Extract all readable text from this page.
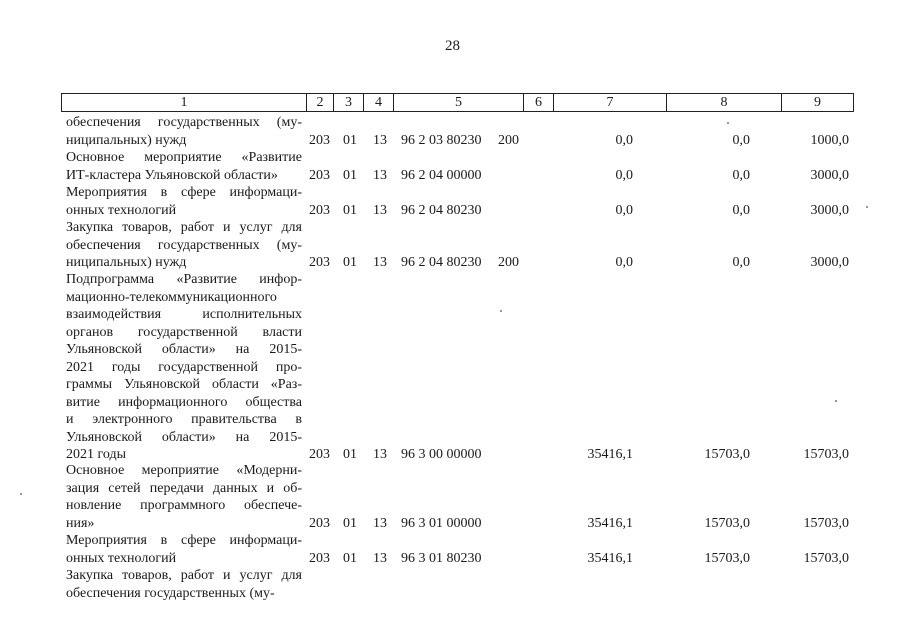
28
1	2	3	4	5	6	7	8	9
обеспечения государственных (му-
ниципальных) нужд	203 01 13 96 2 03 80230 200	0,0	0,0	1000,0
Основное мероприятие «Развитие
ИТ-кластера Ульяновской области»	203 01 13 96 2 04 00000	0,0	0,0	3000,0
Мероприятия в сфере информаци-
онных технологий	203 01 13 96 2 04 80230	0,0	0,0	3000,0
Закупка товаров, работ и услуг для
обеспечения государственных (му-
ниципальных) нужд	203 01 13 96 2 04 80230 200	0,0	0,0	3000,0
Подпрограмма «Развитие инфор-
мационно-телекоммуникационного
взаимодействия исполнительных
органов государственной власти
Ульяновской области» на 2015-
2021 годы государственной про-
граммы Ульяновской области «Раз-
витие информационного общества
и электронного правительства в
Ульяновской области» на 2015-
2021 годы	203 01 13 96 3 00 00000	35416,1	15703,0	15703,0
Основное мероприятие «Модерни-
зация сетей передачи данных и об-
новление программного обеспече-
ния»	203 01 13 96 3 01 00000	35416,1	15703,0	15703,0
Мероприятия в сфере информаци-
онных технологий	203 01 13 96 3 01 80230	35416,1	15703,0	15703,0
Закупка товаров, работ и услуг для
обеспечения государственных (му-
